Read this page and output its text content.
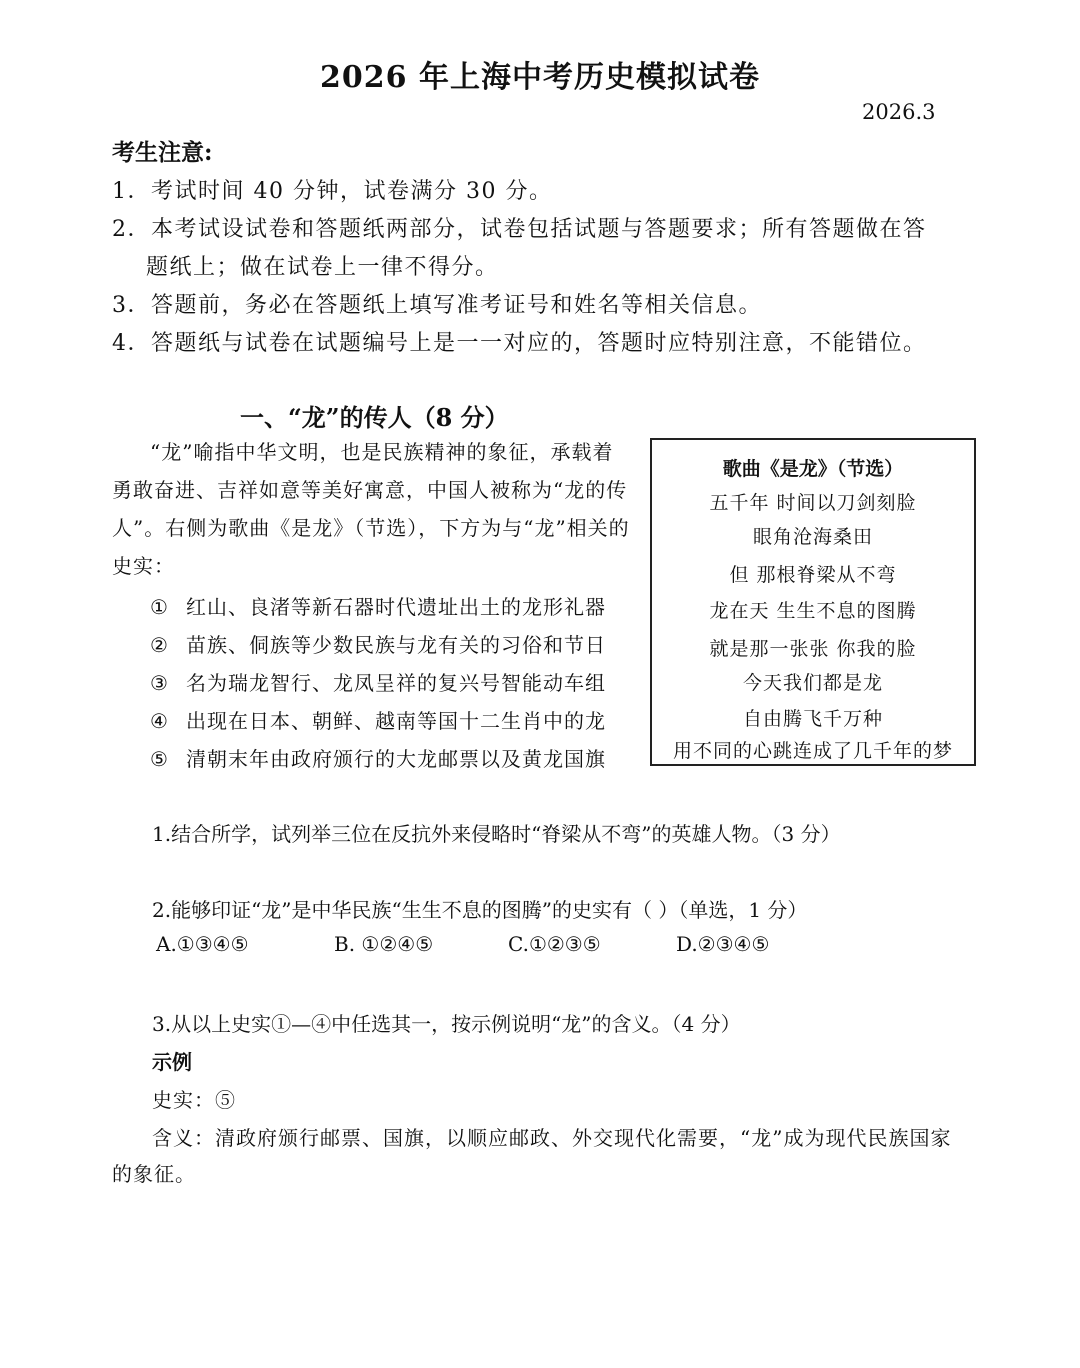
2026 年上海中考历史模拟试卷
2026.3
考生注意:
1．考试时间 40 分钟，试卷满分 30 分。
2．本考试设试卷和答题纸两部分，试卷包括试题与答题要求；所有答题做在答
题纸上；做在试卷上一律不得分。
3．答题前，务必在答题纸上填写准考证号和姓名等相关信息。
4．答题纸与试卷在试题编号上是一一对应的，答题时应特别注意，不能错位。
一、“龙”的传人（8 分）
“龙”喻指中华文明，也是民族精神的象征，承载着
勇敢奋进、吉祥如意等美好寓意，中国人被称为“龙的传
人”。右侧为歌曲《是龙》（节选），下方为与“龙”相关的
史实：
① 红山、良渚等新石器时代遗址出土的龙形礼器
② 苗族、侗族等少数民族与龙有关的习俗和节日
③ 名为瑞龙智行、龙凤呈祥的复兴号智能动车组
④ 出现在日本、朝鲜、越南等国十二生肖中的龙
⑤ 清朝末年由政府颁行的大龙邮票以及黄龙国旗
歌曲《是龙》（节选）
五千年 时间以刀剑刻脸
眼角沧海桑田
但 那根脊梁从不弯
龙在天 生生不息的图腾
就是那一张张 你我的脸
今天我们都是龙
自由腾飞千万种
用不同的心跳连成了几千年的梦
1.结合所学，试列举三位在反抗外来侵略时“脊梁从不弯”的英雄人物。（3 分）
2.能够印证“龙”是中华民族“生生不息的图腾”的史实有（ ）（单选，1 分）
A.①③④⑤	B. ①②④⑤	C.①②③⑤	D.②③④⑤
3.从以上史实①—④中任选其一，按示例说明“龙”的含义。（4 分）
示例
史实：⑤
含义：清政府颁行邮票、国旗，以顺应邮政、外交现代化需要，“龙”成为现代民族国家
的象征。
